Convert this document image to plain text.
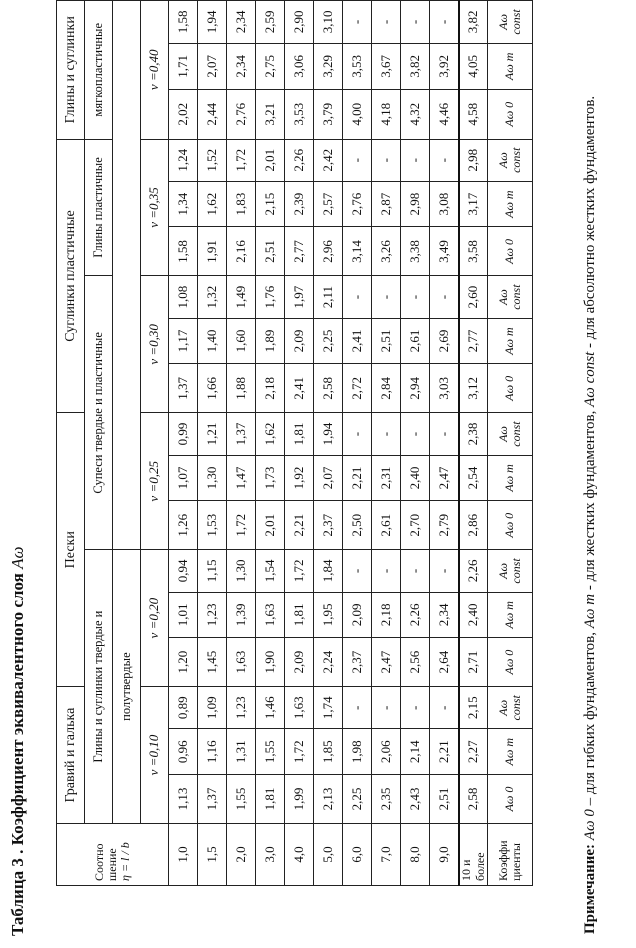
Таблица 3 . Коэффициент эквивалентного слоя Aω
Соотно шение η = l / b	Гравий и галька			Пески						Суглинки пластичные						Глины и суглинки		
	Глины и суглинки твердые и						Супеси твердые и пластичные						Глины пластичные			мягкопластичные		
	полутвердые																	
	ν =0,10			ν =0,20			ν =0,25			ν =0,30			ν =0,35			ν =0,40		
1,0	1,13	0,96	0,89	1,20	1,01	0,94	1,26	1,07	0,99	1,37	1,17	1,08	1,58	1,34	1,24	2,02	1,71	1,58
1,5	1,37	1,16	1,09	1,45	1,23	1,15	1,53	1,30	1,21	1,66	1,40	1,32	1,91	1,62	1,52	2,44	2,07	1,94
2,0	1,55	1,31	1,23	1,63	1,39	1,30	1,72	1,47	1,37	1,88	1,60	1,49	2,16	1,83	1,72	2,76	2,34	2,34
3,0	1,81	1,55	1,46	1,90	1,63	1,54	2,01	1,73	1,62	2,18	1,89	1,76	2,51	2,15	2,01	3,21	2,75	2,59
4,0	1,99	1,72	1,63	2,09	1,81	1,72	2,21	1,92	1,81	2,41	2,09	1,97	2,77	2,39	2,26	3,53	3,06	2,90
5,0	2,13	1,85	1,74	2,24	1,95	1,84	2,37	2,07	1,94	2,58	2,25	2,11	2,96	2,57	2,42	3,79	3,29	3,10
6,0	2,25	1,98	-	2,37	2,09	-	2,50	2,21	-	2,72	2,41	-	3,14	2,76	-	4,00	3,53	-
7,0	2,35	2,06	-	2,47	2,18	-	2,61	2,31	-	2,84	2,51	-	3,26	2,87	-	4,18	3,67	-
8,0	2,43	2,14	-	2,56	2,26	-	2,70	2,40	-	2,94	2,61	-	3,38	2,98	-	4,32	3,82	-
9,0	2,51	2,21	-	2,64	2,34	-	2,79	2,47	-	3,03	2,69	-	3,49	3,08	-	4,46	3,92	-

10 и более	2,58	2,27	2,15	2,71	2,40	2,26	2,86	2,54	2,38	3,12	2,77	2,60	3,58	3,17	2,98	4,58	4,05	3,82

Коэффи циенты	Aω 0	Aω m	Aω const	Aω 0	Aω m	Aω const	Aω 0	Aω m	Aω const	Aω 0	Aω m	Aω const	Aω 0	Aω m	Aω const	Aω 0	Aω m	Aω const
Примечание: Aω 0 – для гибких фундаментов, Aω m - для жестких фундаментов, Aω const - для абсолютно жестких фундаментов.
